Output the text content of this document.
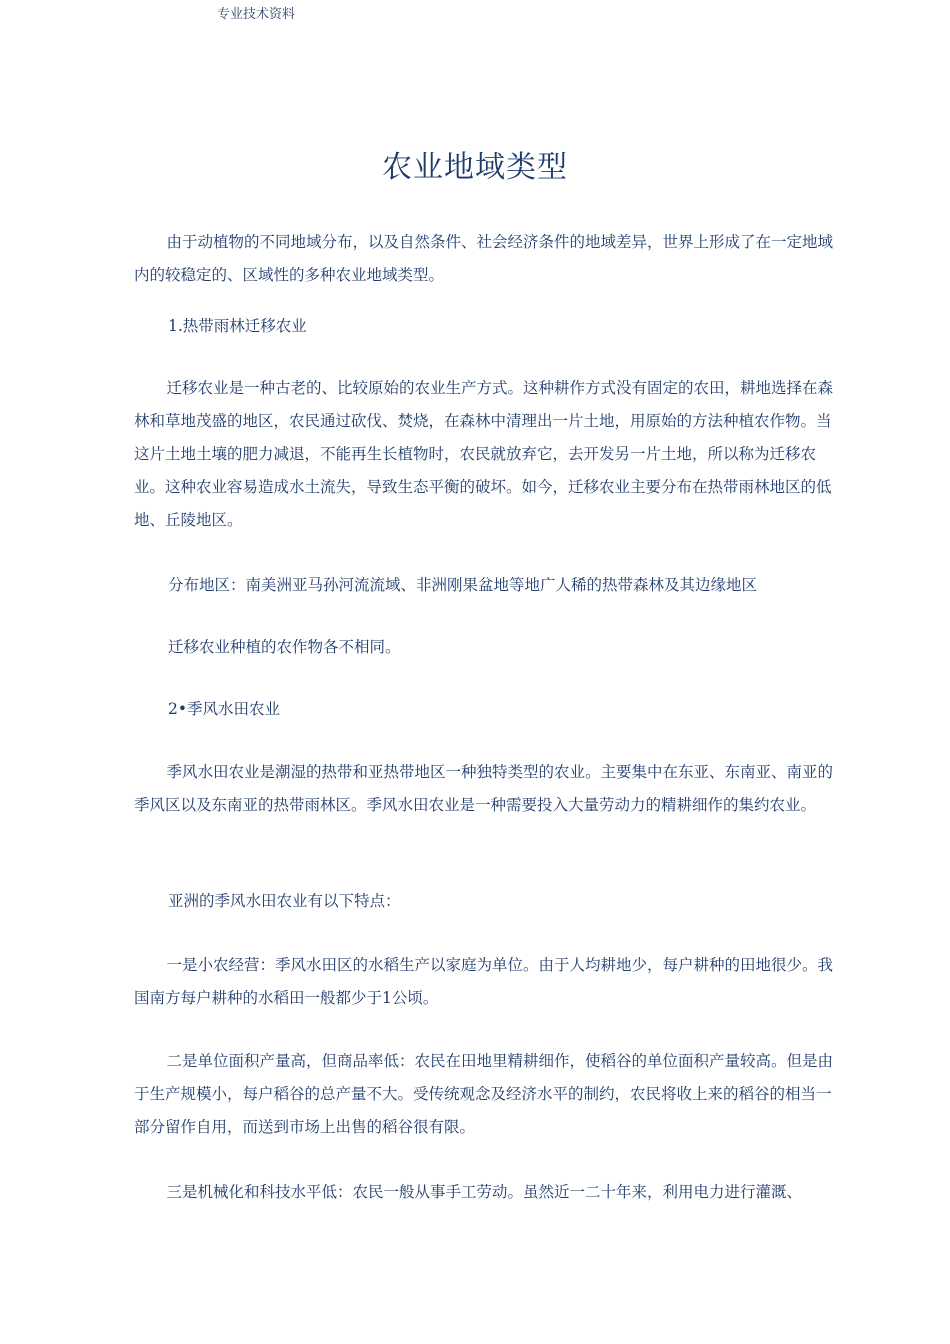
专业技术资料
农业地域类型

由于动植物的不同地域分布，以及自然条件、社会经济条件的地域差异，世界上形成了在一定地域内的较稳定的、区域性的多种农业地域类型。

1.热带雨林迁移农业

迁移农业是一种古老的、比较原始的农业生产方式。这种耕作方式没有固定的农田，耕地选择在森林和草地茂盛的地区，农民通过砍伐、焚烧，在森林中清理出一片土地，用原始的方法种植农作物。当这片土地土壤的肥力减退，不能再生长植物时，农民就放弃它，去开发另一片土地，所以称为迁移农业。这种农业容易造成水土流失，导致生态平衡的破坏。如今，迁移农业主要分布在热带雨林地区的低地、丘陵地区。

分布地区：南美洲亚马孙河流流域、非洲刚果盆地等地广人稀的热带森林及其边缘地区

迁移农业种植的农作物各不相同。

2•季风水田农业

季风水田农业是潮湿的热带和亚热带地区一种独特类型的农业。主要集中在东亚、东南亚、南亚的季风区以及东南亚的热带雨林区。季风水田农业是一种需要投入大量劳动力的精耕细作的集约农业。

亚洲的季风水田农业有以下特点：

一是小农经营：季风水田区的水稻生产以家庭为单位。由于人均耕地少，每户耕种的田地很少。我国南方每户耕种的水稻田一般都少于1公顷。

二是单位面积产量高，但商品率低：农民在田地里精耕细作，使稻谷的单位面积产量较高。但是由于生产规模小，每户稻谷的总产量不大。受传统观念及经济水平的制约，农民将收上来的稻谷的相当一部分留作自用，而送到市场上出售的稻谷很有限。

三是机械化和科技水平低：农民一般从事手工劳动。虽然近一二十年来，利用电力进行灌溉、
